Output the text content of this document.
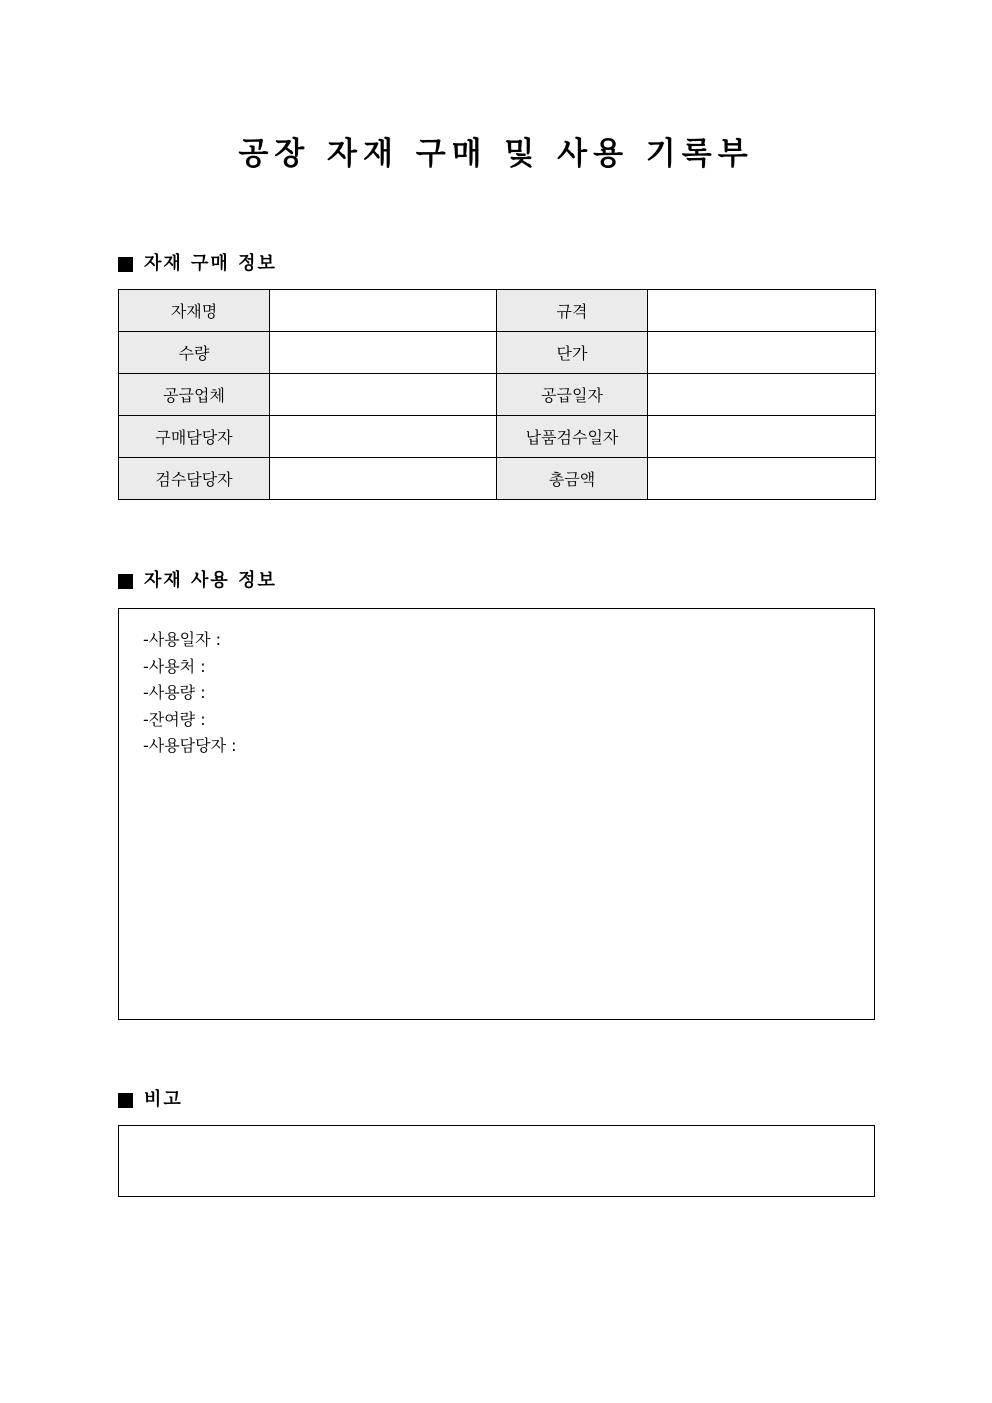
공장 자재 구매 및 사용 기록부
자재 구매 정보
자재명		규격	
수량		단가	
공급업체		공급일자	
구매담당자		납품검수일자	
검수담당자		총금액	
자재 사용 정보
-사용일자 :
-사용처 :
-사용량 :
-잔여량 :
-사용담당자 :
비고
